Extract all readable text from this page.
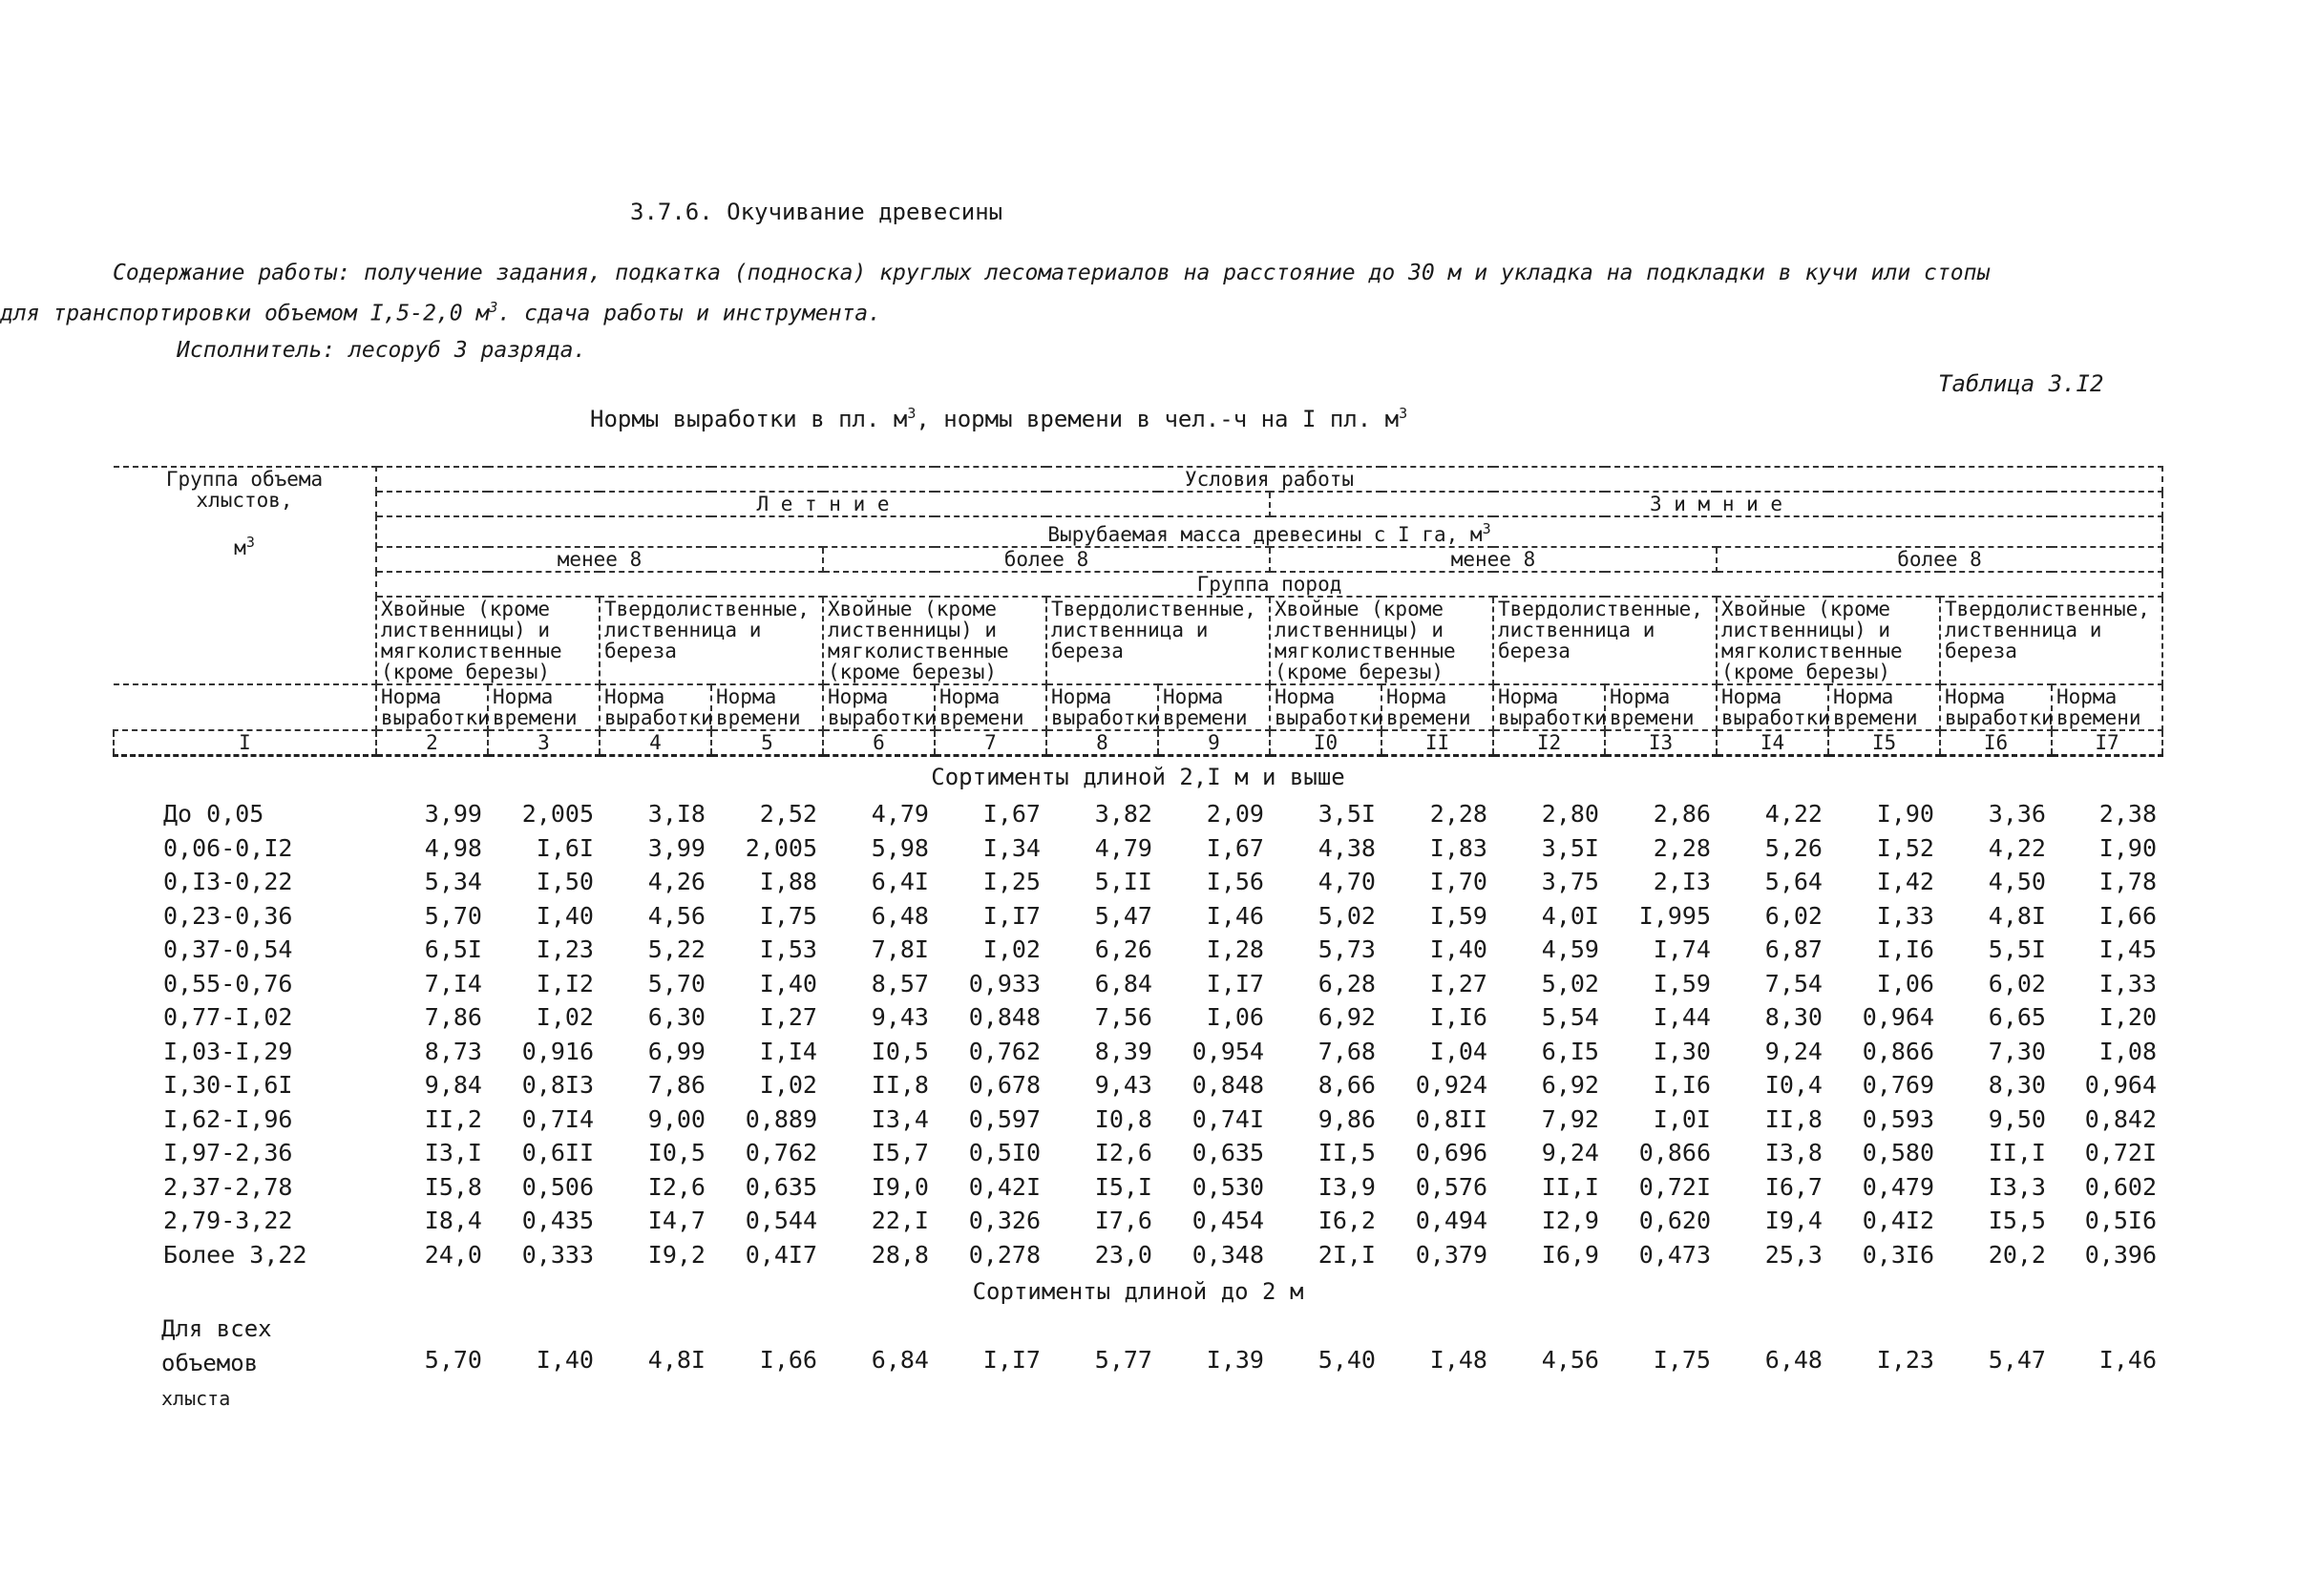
3.7.6. Окучивание древесины
Содержание работы: получение задания, подкатка (подноска) круглых лесоматериалов на расстояние до 30 м и укладка на подкладки в кучи или стопы
для транспортировки объемом I,5-2,0 $м^3$. сдача работы и инструмента.
Исполнитель: лесоруб 3 разряда.
Таблица 3.I2
Нормы выработки в пл. $м^3$, нормы времени в чел.-ч на I пл. $м^3$
Группа объема хлыстов,

$м^3$	Условия работы															
	Л е т н и е								З и м н и е							
	Вырубаемая масса древесины с I га, $м^3$
	менее 8				более 8				менее 8				более 8			
	Группа пород															
	Хвойные (кроме лиственницы) и мягколиственные (кроме березы)		Твердолиственные, лиственница и береза		Хвойные (кроме лиственницы) и мягколиственные (кроме березы)		Твердолиственные, лиственница и береза		Хвойные (кроме лиственницы) и мягколиственные (кроме березы)		Твердолиственные, лиственница и береза		Хвойные (кроме лиственницы) и мягколиственные (кроме березы)		Твердолиственные, лиственница и береза	
	Норма выработки	Норма времени	Норма выработки	Норма времени	Норма выработки	Норма времени	Норма выработки	Норма времени	Норма выработки	Норма времени	Норма выработки	Норма времени	Норма выработки	Норма времени	Норма выработки	Норма времени
I	2	3	4	5	6	7	8	9	I0	II	I2	I3	I4	I5	I6	I7
Сортименты длиной 2,I м и выше																
До 0,05	3,99	2,005	3,I8	2,52	4,79	I,67	3,82	2,09	3,5I	2,28	2,80	2,86	4,22	I,90	3,36	2,38
0,06-0,I2	4,98	I,6I	3,99	2,005	5,98	I,34	4,79	I,67	4,38	I,83	3,5I	2,28	5,26	I,52	4,22	I,90
0,I3-0,22	5,34	I,50	4,26	I,88	6,4I	I,25	5,II	I,56	4,70	I,70	3,75	2,I3	5,64	I,42	4,50	I,78
0,23-0,36	5,70	I,40	4,56	I,75	6,48	I,I7	5,47	I,46	5,02	I,59	4,0I	I,995	6,02	I,33	4,8I	I,66
0,37-0,54	6,5I	I,23	5,22	I,53	7,8I	I,02	6,26	I,28	5,73	I,40	4,59	I,74	6,87	I,I6	5,5I	I,45
0,55-0,76	7,I4	I,I2	5,70	I,40	8,57	0,933	6,84	I,I7	6,28	I,27	5,02	I,59	7,54	I,06	6,02	I,33
0,77-I,02	7,86	I,02	6,30	I,27	9,43	0,848	7,56	I,06	6,92	I,I6	5,54	I,44	8,30	0,964	6,65	I,20
I,03-I,29	8,73	0,916	6,99	I,I4	I0,5	0,762	8,39	0,954	7,68	I,04	6,I5	I,30	9,24	0,866	7,30	I,08
I,30-I,6I	9,84	0,8I3	7,86	I,02	II,8	0,678	9,43	0,848	8,66	0,924	6,92	I,I6	I0,4	0,769	8,30	0,964
I,62-I,96	II,2	0,7I4	9,00	0,889	I3,4	0,597	I0,8	0,74I	9,86	0,8II	7,92	I,0I	II,8	0,593	9,50	0,842
I,97-2,36	I3,I	0,6II	I0,5	0,762	I5,7	0,5I0	I2,6	0,635	II,5	0,696	9,24	0,866	I3,8	0,580	II,I	0,72I
2,37-2,78	I5,8	0,506	I2,6	0,635	I9,0	0,42I	I5,I	0,530	I3,9	0,576	II,I	0,72I	I6,7	0,479	I3,3	0,602
2,79-3,22	I8,4	0,435	I4,7	0,544	22,I	0,326	I7,6	0,454	I6,2	0,494	I2,9	0,620	I9,4	0,4I2	I5,5	0,5I6
Более 3,22	24,0	0,333	I9,2	0,4I7	28,8	0,278	23,0	0,348	2I,I	0,379	I6,9	0,473	25,3	0,3I6	20,2	0,396
Сортименты длиной до 2 м																
Для всех
объемов
хлыста	5,70	I,40	4,8I	I,66	6,84	I,I7	5,77	I,39	5,40	I,48	4,56	I,75	6,48	I,23	5,47	I,46
